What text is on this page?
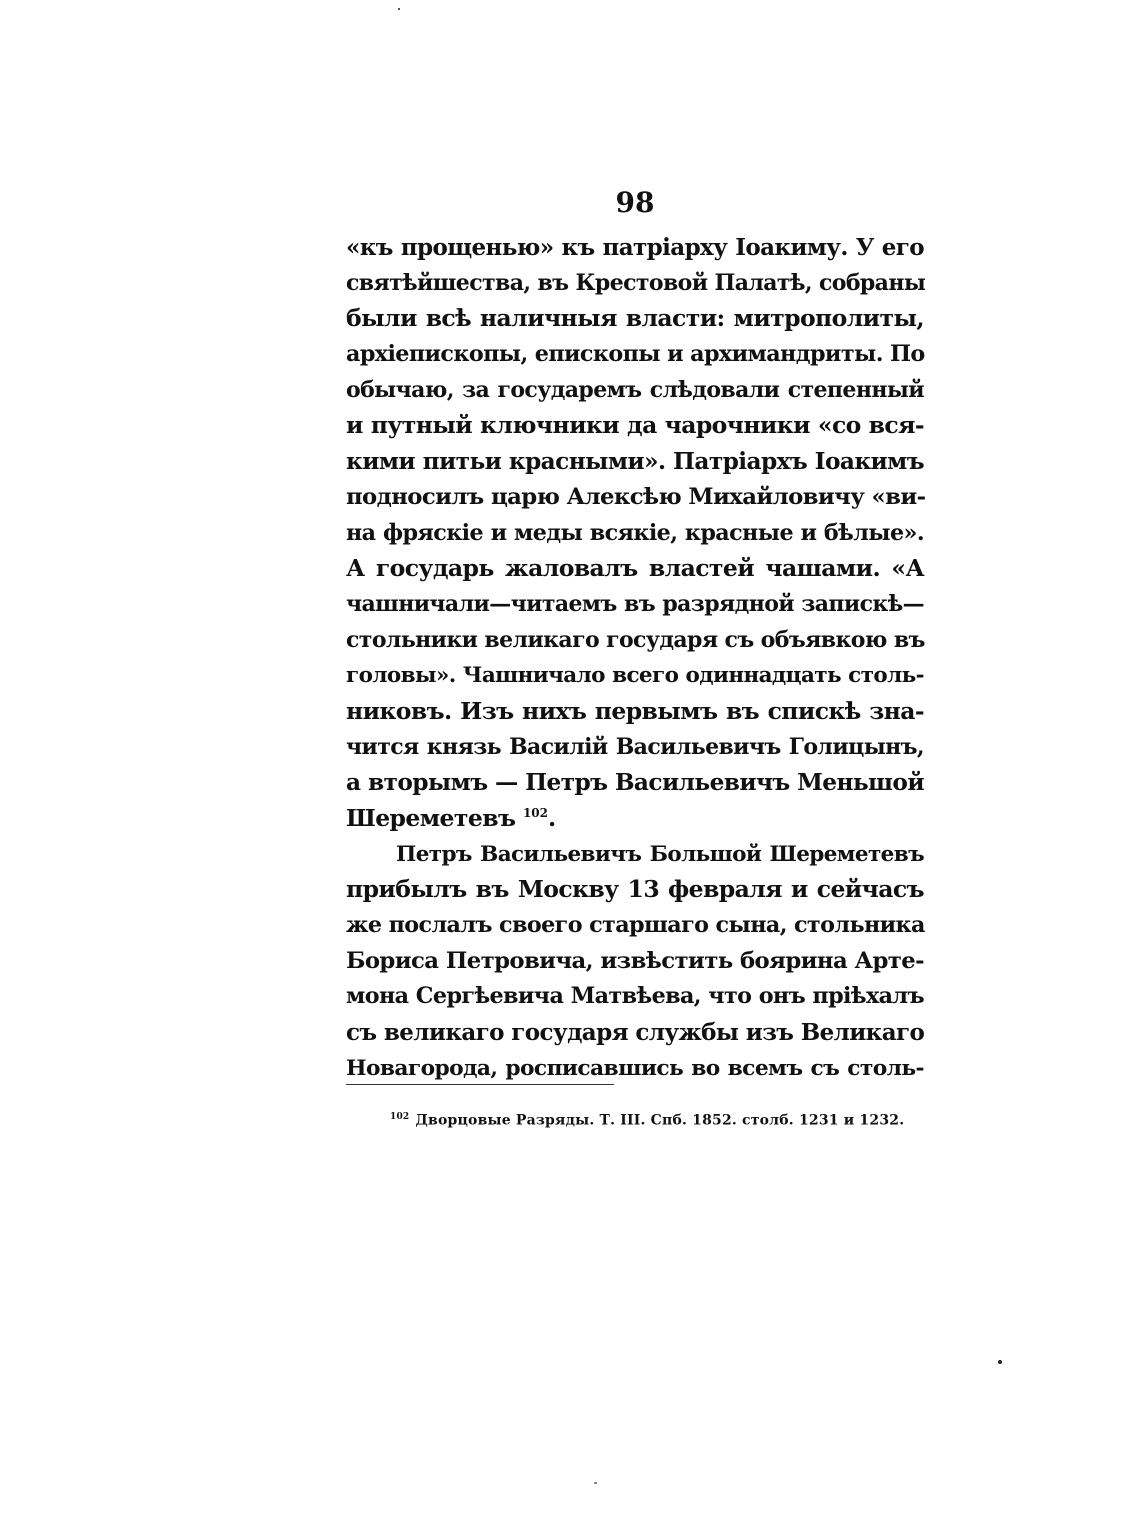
98
«къ прощенью» къ патріарху Іоакиму. У его
святѣйшества, въ Крестовой Палатѣ, собраны
были всѣ наличныя власти: митрополиты,
архіепископы, епископы и архимандриты. По
обычаю, за государемъ слѣдовали степенный
и путный ключники да чарочники «со вся-
кими питьи красными». Патріархъ Іоакимъ
подносилъ царю Алексѣю Михайловичу «ви-
на фряскіе и меды всякіе, красные и бѣлые».
А государь жаловалъ властей чашами. «А
чашничали—читаемъ въ разрядной запискѣ—
стольники великаго государя съ объявкою въ
головы». Чашничало всего одиннадцать столь-
никовъ. Изъ нихъ первымъ въ спискѣ зна-
чится князь Василій Васильевичъ Голицынъ,
а вторымъ — Петръ Васильевичъ Меньшой
Шереметевъ $^{102}$.
Петръ Васильевичъ Большой Шереметевъ
прибылъ въ Москву 13 февраля и сейчасъ
же послалъ своего старшаго сына, стольника
Бориса Петровича, извѣстить боярина Арте-
мона Сергѣевича Матвѣева, что онъ пріѣхалъ
съ великаго государя службы изъ Великаго
Новагорода, росписавшись во всемъ съ столь-
$^{102}$ Дворцовые Разряды. Т. III. Спб. 1852. столб. 1231 и 1232.
